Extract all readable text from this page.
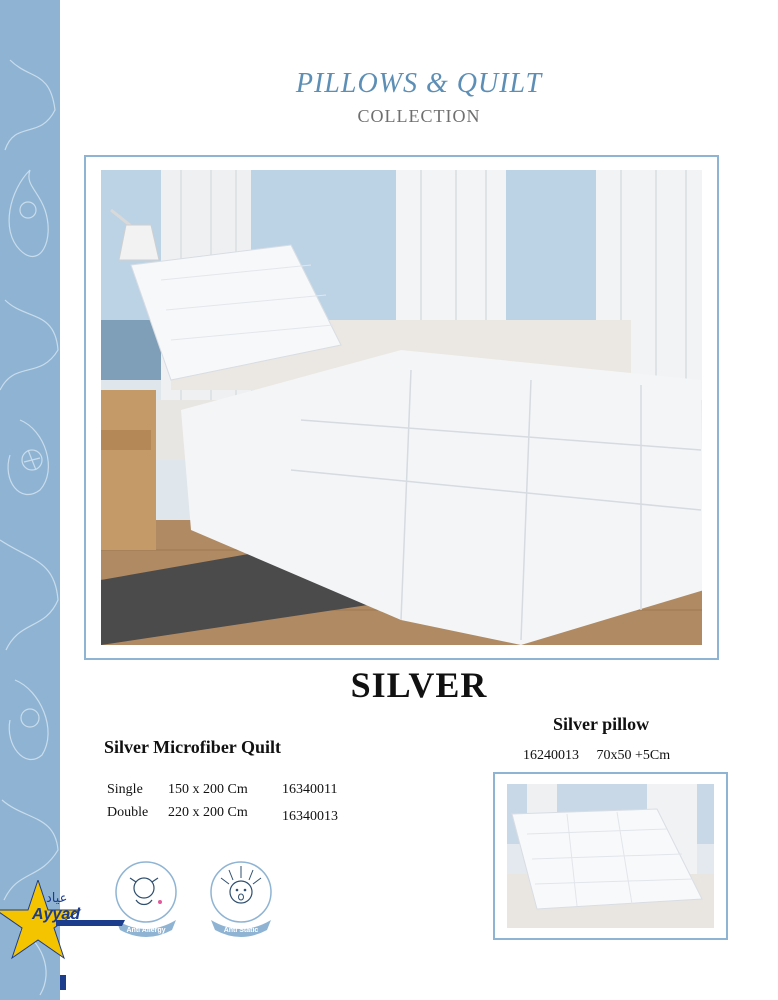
PILLOWS & QUILT
COLLECTION
SILVER
Silver Microfiber Quilt
Single 150 x 200 Cm 16340011
Double 220 x 200 Cm 16340013
Silver pillow
16240013 70x50 +5Cm
Anti Allergy	Anti Static
عياد
Ayyad
